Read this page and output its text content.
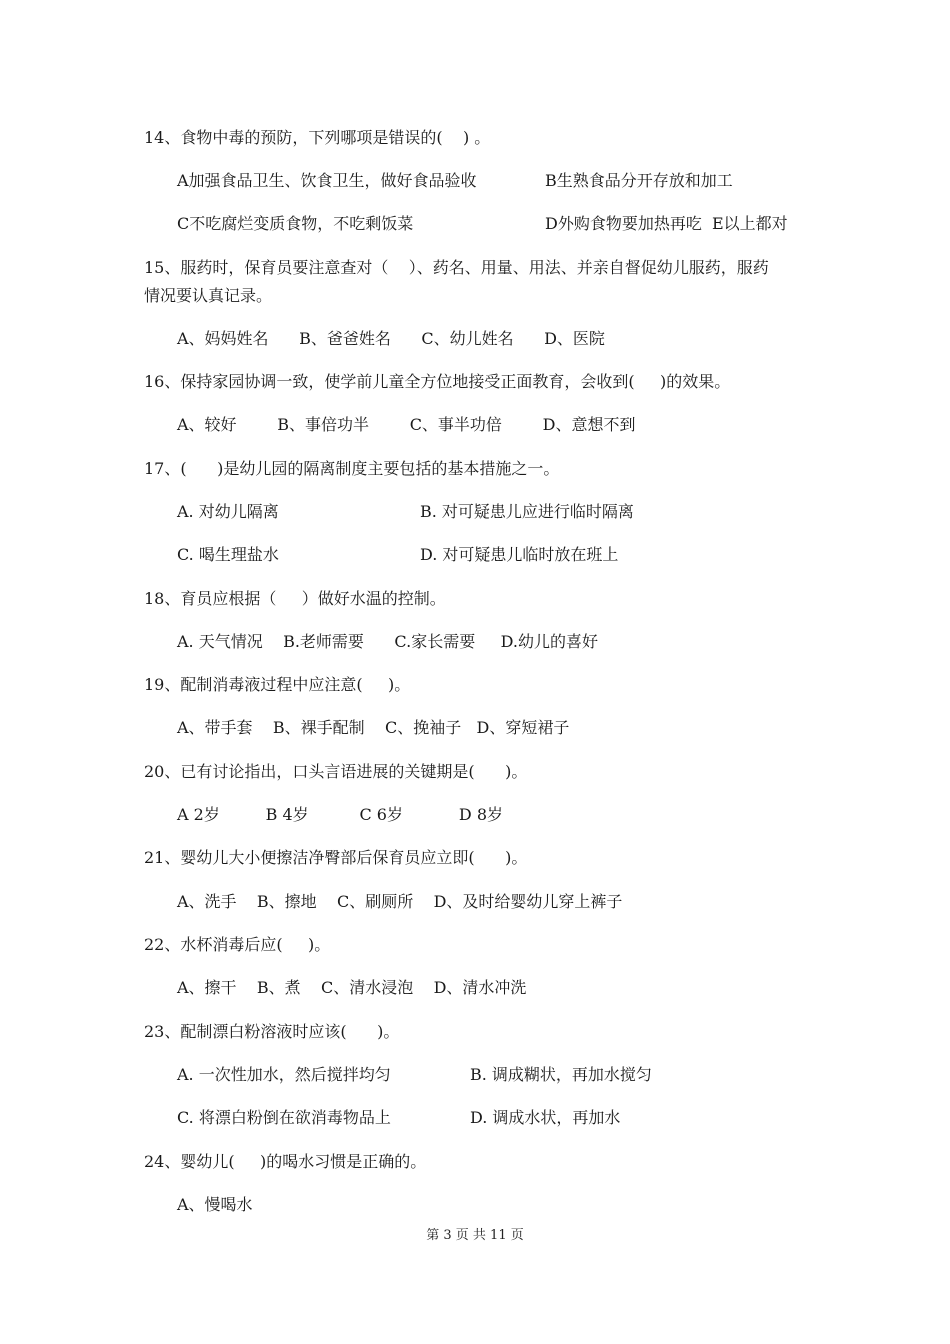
14、食物中毒的预防，下列哪项是错误的(    ) 。
A加强食品卫生、饮食卫生，做好食品验收	B生熟食品分开存放和加工
C不吃腐烂变质食物，不吃剩饭菜	D外购食物要加热再吃  E以上都对
15、服药时，保育员要注意查对（    ）、药名、用量、用法、并亲自督促幼儿服药，服药
情况要认真记录。
A、妈妈姓名      B、爸爸姓名      C、幼儿姓名      D、医院
16、保持家园协调一致，使学前儿童全方位地接受正面教育，会收到(     )的效果。
A、较好        B、事倍功半        C、事半功倍        D、意想不到
17、(      )是幼儿园的隔离制度主要包括的基本措施之一。
A. 对幼儿隔离	B. 对可疑患儿应进行临时隔离
C. 喝生理盐水	D. 对可疑患儿临时放在班上
18、育员应根据（     ）做好水温的控制。
A. 天气情况    B.老师需要      C.家长需要     D.幼儿的喜好
19、配制消毒液过程中应注意(     )。
A、带手套    B、裸手配制    C、挽袖子   D、穿短裙子
20、已有讨论指出，口头言语进展的关键期是(      )。
A 2岁         B 4岁          C 6岁           D 8岁
21、婴幼儿大小便擦洁净臀部后保育员应立即(      )。
A、洗手    B、擦地    C、刷厕所    D、及时给婴幼儿穿上裤子
22、水杯消毒后应(     )。
A、擦干    B、煮    C、清水浸泡    D、清水冲洗
23、配制漂白粉溶液时应该(      )。
A. 一次性加水，然后搅拌均匀	B. 调成糊状，再加水搅匀
C. 将漂白粉倒在欲消毒物品上	D. 调成水状，再加水
24、婴幼儿(     )的喝水习惯是正确的。
A、慢喝水
第 3 页 共 11 页
